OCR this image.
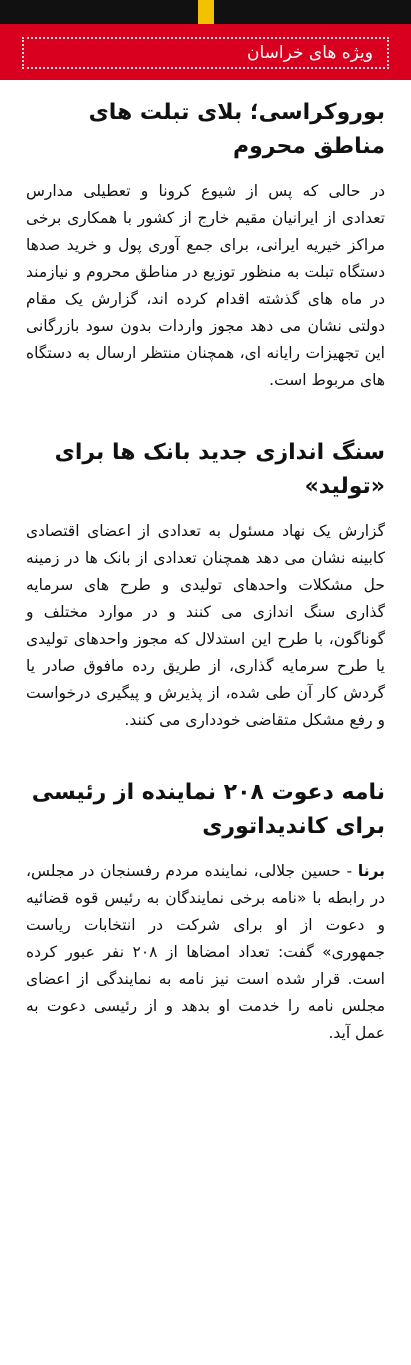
ویژه های خراسان
بوروکراسی؛ بلای تبلت های مناطق محروم

در حالی که پس از شیوع کرونا و تعطیلی مدارس تعدادی از ایرانیان مقیم خارج از کشور با همکاری برخی مراکز خیریه ایرانی، برای جمع آوری پول و خرید صدها دستگاه تبلت به منظور توزیع در مناطق محروم و نیازمند در ماه های گذشته اقدام کرده اند، گزارش یک مقام دولتی نشان می دهد مجوز واردات بدون سود بازرگانی این تجهیزات رایانه ای، همچنان منتظر ارسال به دستگاه های مربوط است.

سنگ اندازی جدید بانک ها برای «تولید»

گزارش یک نهاد مسئول به تعدادی از اعضای اقتصادی کابینه نشان می دهد همچنان تعدادی از بانک ها در زمینه حل مشکلات واحدهای تولیدی و طرح های سرمایه گذاری سنگ اندازی می کنند و در موارد مختلف و گوناگون، با طرح این استدلال که مجوز واحدهای تولیدی یا طرح سرمایه گذاری، از طریق رده مافوق صادر یا گردش کار آن طی شده، از پذیرش و پیگیری درخواست و رفع مشکل متقاضی خودداری می کنند.

نامه دعوت ۲۰۸ نماینده از رئیسی برای کاندیداتوری

برنا - حسین جلالی، نماینده مردم رفسنجان در مجلس، در رابطه با «نامه برخی نمایندگان به رئیس قوه قضائیه و دعوت از او برای شرکت در انتخابات ریاست جمهوری» گفت: تعداد امضاها از ۲۰۸ نفر عبور کرده است. قرار شده است نیز نامه به نمایندگی از اعضای مجلس نامه را خدمت او بدهد و از رئیسی دعوت به عمل آید.
